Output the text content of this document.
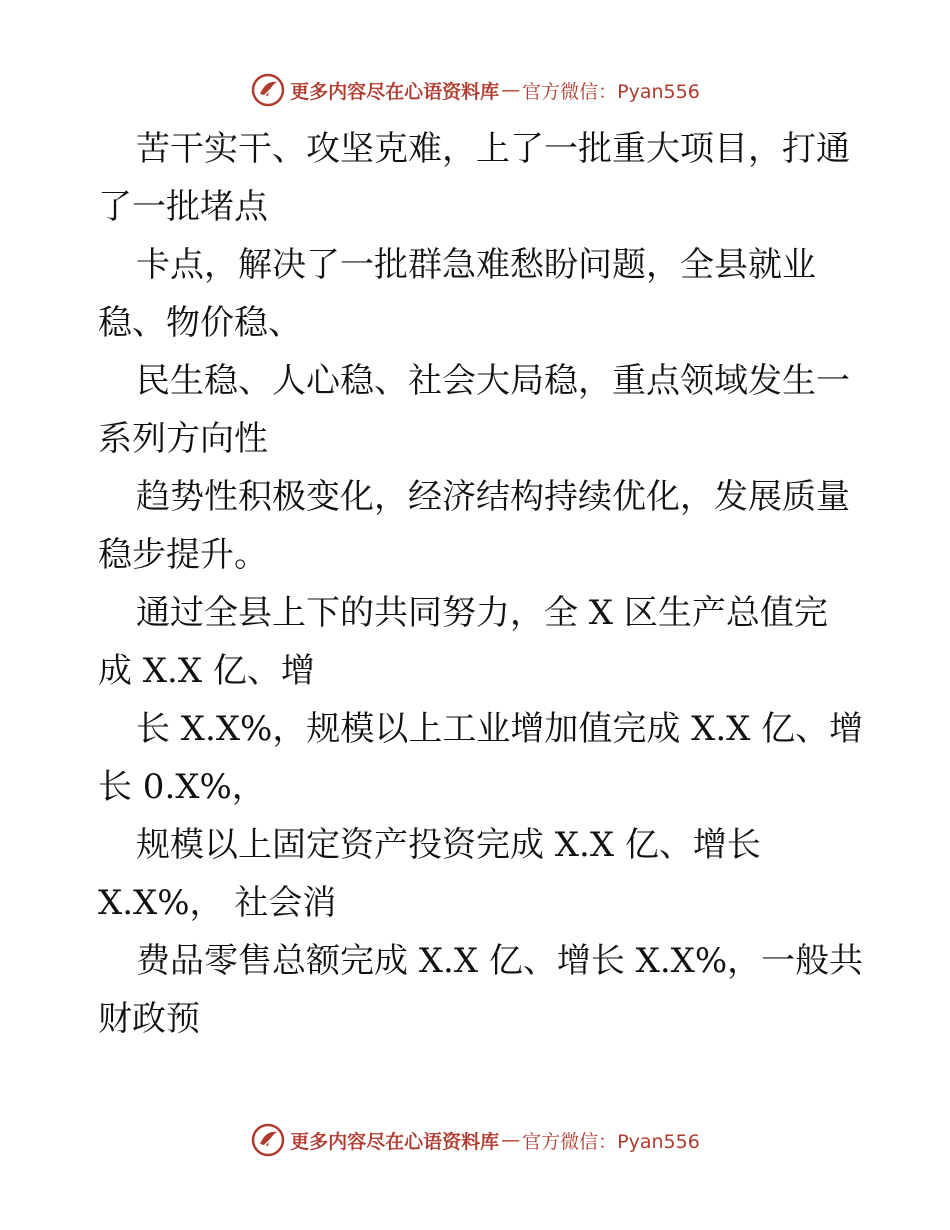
更多内容尽在心语资料库 — 官方微信：Pyan556

苦干实干、攻坚克难，上了一批重大项目，打通
了一批堵点

卡点，解决了一批群急难愁盼问题，全县就业
稳、物价稳、

民生稳、人心稳、社会大局稳，重点领域发生一
系列方向性

趋势性积极变化，经济结构持续优化，发展质量
稳步提升。

通过全县上下的共同努力，全 X 区生产总值完
成 X.X 亿、增

长 X.X%，规模以上工业增加值完成 X.X 亿、增
长 0.X%，

规模以上固定资产投资完成 X.X 亿、增长
X.X%， 社会消

费品零售总额完成 X.X 亿、增长 X.X%，一般共
财政预

更多内容尽在心语资料库 — 官方微信：Pyan556
